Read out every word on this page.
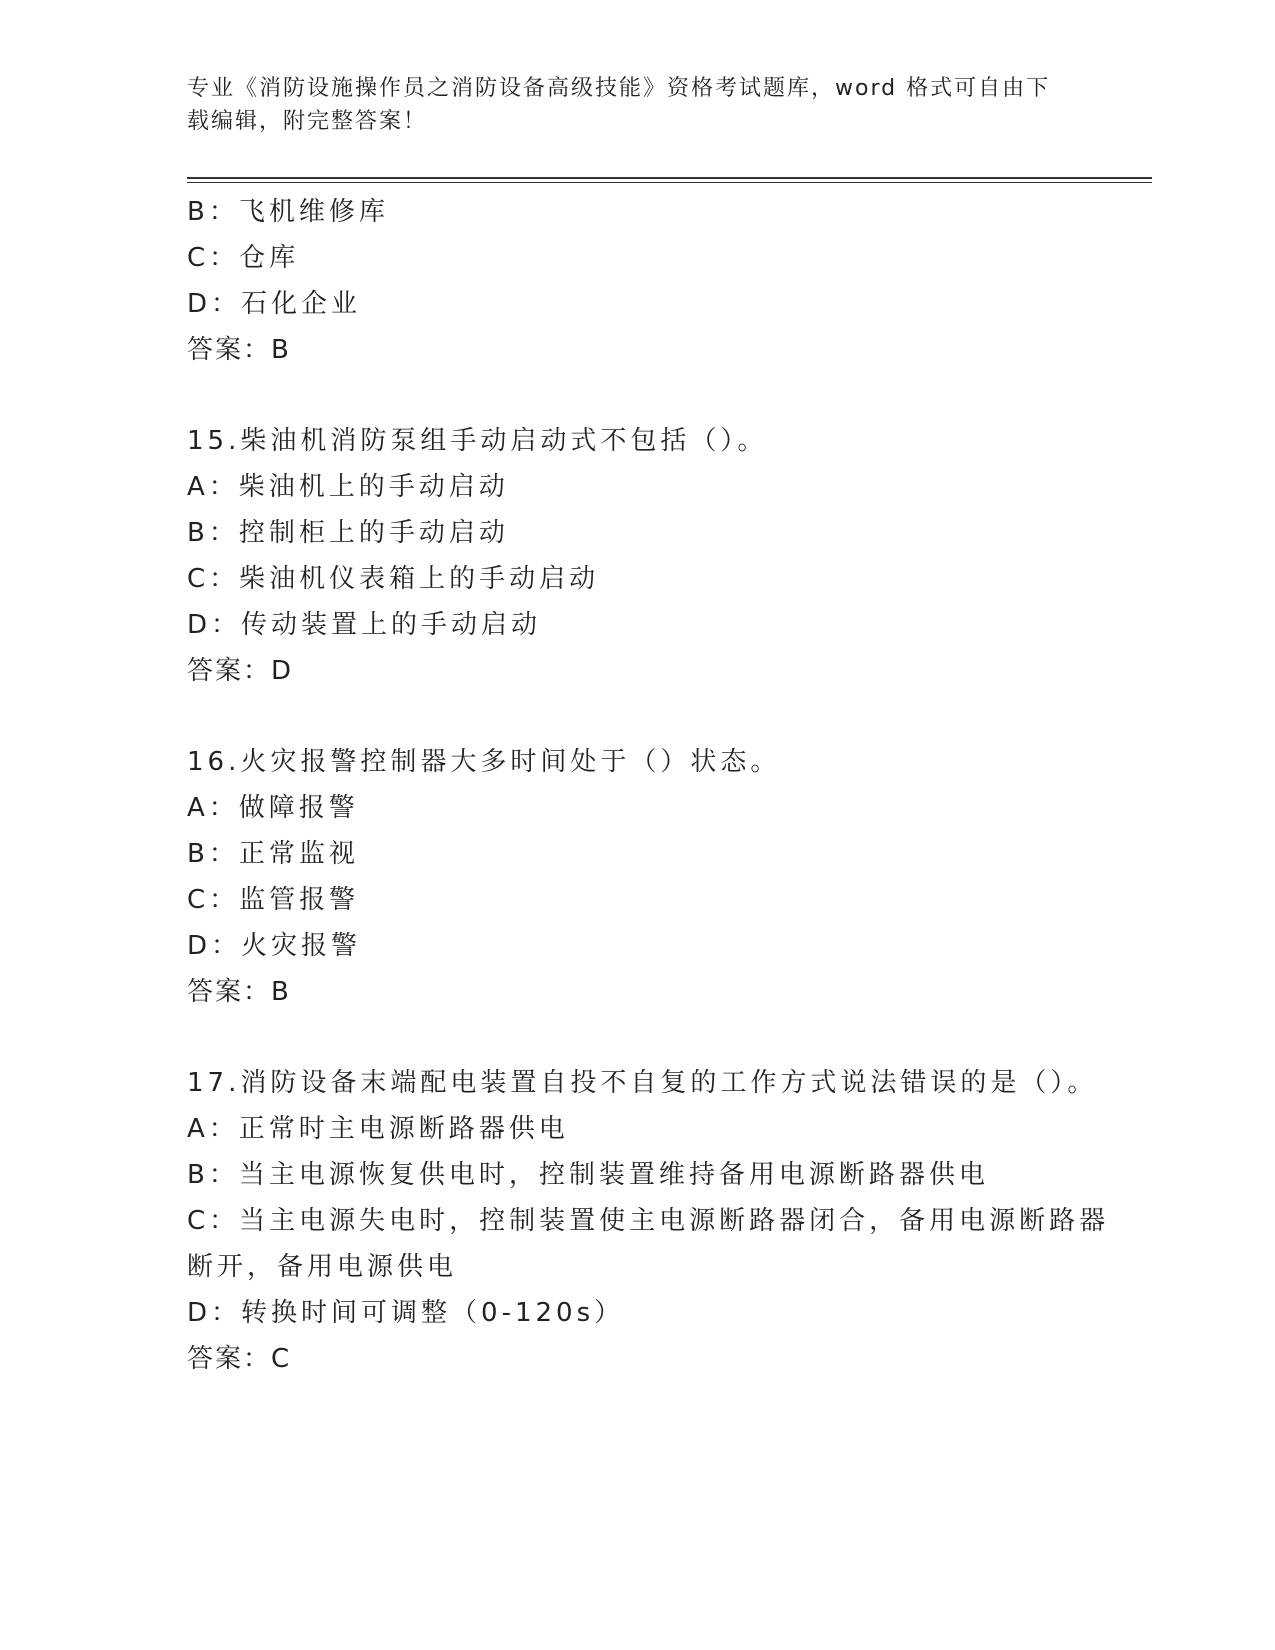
专业《消防设施操作员之消防设备高级技能》资格考试题库，word 格式可自由下
载编辑，附完整答案！
B：飞机维修库
C：仓库
D：石化企业
答案：B
15.柴油机消防泵组手动启动式不包括（）。
A：柴油机上的手动启动
B：控制柜上的手动启动
C：柴油机仪表箱上的手动启动
D：传动装置上的手动启动
答案：D
16.火灾报警控制器大多时间处于（）状态。
A：做障报警
B：正常监视
C：监管报警
D：火灾报警
答案：B
17.消防设备末端配电装置自投不自复的工作方式说法错误的是（）。
A：正常时主电源断路器供电
B：当主电源恢复供电时，控制装置维持备用电源断路器供电
C：当主电源失电时，控制装置使主电源断路器闭合，备用电源断路器
断开，备用电源供电
D：转换时间可调整（0-120s）
答案：C
